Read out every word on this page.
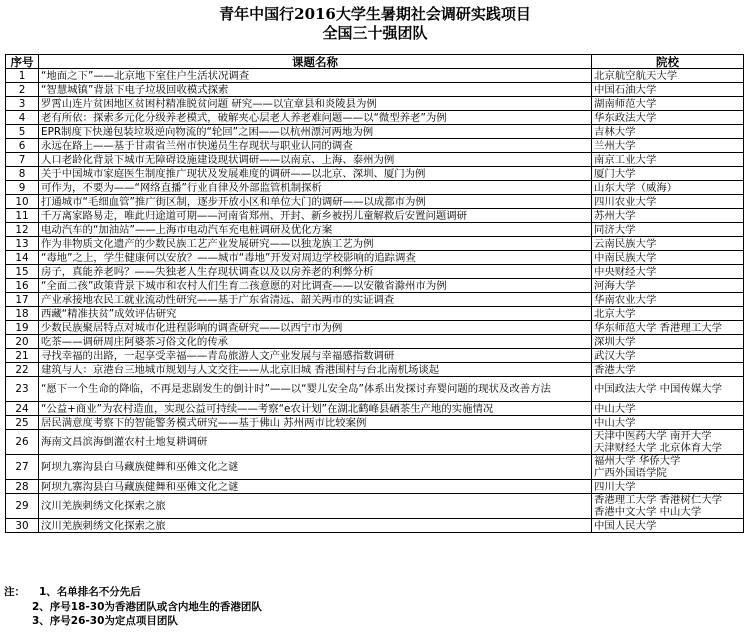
青年中国行2016大学生暑期社会调研实践项目
全国三十强团队
序号	课题名称	院校
1	“地面之下”——北京地下室住户生活状况调查	北京航空航天大学
2	“智慧城镇”背景下电子垃圾回收模式探索	中国石油大学
3	罗霄山连片贫困地区贫困村精准脱贫问题 研究——以宜章县和炎陵县为例	湖南师范大学
4	老有所依：探索多元化分级养老模式，破解夹心层老人养老难问题——以“微型养老”为例	华东政法大学
5	EPR制度下快递包装垃圾逆向物流的“轮回”之困——以杭州漂河两地为例	吉林大学
6	永远在路上——基于甘肃省兰州市快递员生存现状与职业认同的调查	兰州大学
7	人口老龄化背景下城市无障碍设施建设现状调研——以南京、上海、泰州为例	南京工业大学
8	关于中国城市家庭医生制度推广现状及发展难度的调研——以北京、深圳、厦门为例	厦门大学
9	可作为，不要为——“网络直播”行业自律及外部监管机制探析	山东大学（威海）
10	打通城市“毛细血管”推广街区制，逐步开放小区和单位大门的调研——以成都市为例	四川农业大学
11	千万离家路易走，唯此归途道可期——河南省郑州、开封、新乡被拐儿童解救后安置问题调研	苏州大学
12	电动汽车的“加油站”——上海市电动汽车充电桩调研及优化方案	同济大学
13	作为非物质文化遗产的少数民族工艺产业发展研究——以独龙族工艺为例	云南民族大学
14	“毒地”之上，学生健康何以安放？——城市“毒地”开发对周边学校影响的追踪调查	中南民族大学
15	房子，真能养老吗？——失独老人生存现状调查以及以房养老的利弊分析	中央财经大学
16	“全面二孩”政策背景下城市和农村人们生育二孩意愿的对比调查——以安徽省滁州市为例	河海大学
17	产业承接地农民工就业流动性研究——基于广东省清远、韶关两市的实证调查	华南农业大学
18	西藏“精准扶贫”成效评估研究	北京大学
19	少数民族聚居特点对城市化进程影响的调查研究——以西宁市为例	华东师范大学 香港理工大学
20	吃茶——调研周庄阿婆茶习俗文化的传承	深圳大学
21	寻找幸福的出路，一起享受幸福——青岛旅游人文产业发展与幸福感指数调研	武汉大学
22	建筑与人：京港台三地城市规划与人文交往——从北京旧城 香港围村与台北南机场谈起	香港大学
23	“愿下一个生命的降临，不再是悲剧发生的倒计时”——以“婴儿安全岛”体系出发探讨弃婴问题的现状及改善方法	中国政法大学 中国传媒大学
24	“公益+商业”为农村造血，实现公益可持续——考察“e农计划”在湖北鹤峰县硒茶生产地的实施情况	中山大学
25	居民满意度考察下的智能警务模式研究——基于佛山 苏州两市比较案例	中山大学
26	海南文昌滨海倒灌农村土地复耕调研	天津中医药大学 南开大学
天津财经大学 北京体育大学

27	阿坝九寨沟县白马藏族健舞和巫傩文化之谜	福州大学 华侨大学
广西外国语学院

28	阿坝九寨沟县白马藏族健舞和巫傩文化之谜	四川大学
29	汶川羌族刺绣文化探索之旅	香港理工大学 香港树仁大学
香港中文大学 中山大学

30	汶川羌族刺绣文化探索之旅	中国人民大学
注： 1、名单排名不分先后
2、序号18-30为香港团队或含内地生的香港团队
3、序号26-30为定点项目团队
